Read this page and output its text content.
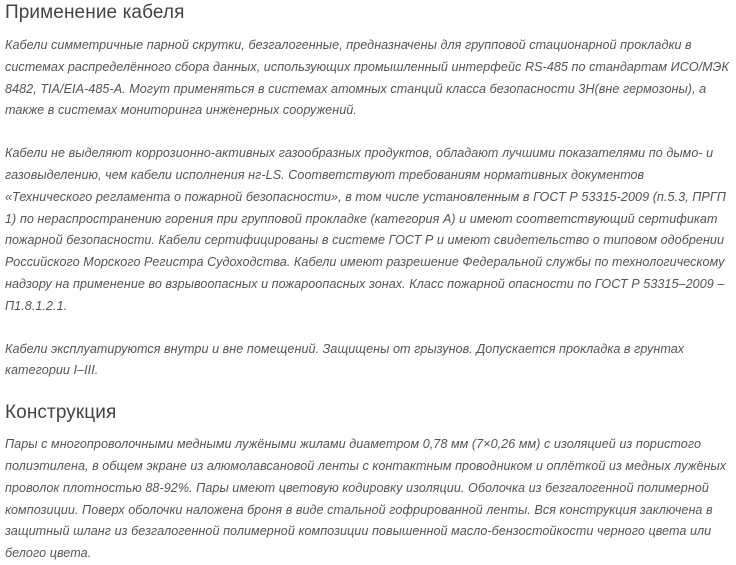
Применение кабеля

Кабели симметричные парной скрутки, безгалогенные, предназначены для групповой стационарной прокладки в системах распределённого сбора данных, использующих промышленный интерфейс RS-485 по стандартам ИСО/МЭК 8482, TIA/EIA-485-A. Могут применяться в системах атомных станций класса безопасности 3Н(вне гермозоны), а также в системах мониторинга инженерных сооружений.

Кабели не выделяют коррозионно-активных газообразных продуктов, обладают лучшими показателями по дымо- и газовыделению, чем кабели исполнения нг-LS. Соответствуют требованиям нормативных документов «Технического регламента о пожарной безопасности», в том числе установленным в ГОСТ Р 53315-2009 (п.5.3, ПРГП 1) по нераспространению горения при групповой прокладке (категория А) и имеют соответствующий сертификат пожарной безопасности. Кабели сертифицированы в системе ГОСТ Р и имеют свидетельство о типовом одобрении Российского Морского Регистра Судоходства. Кабели имеют разрешение Федеральной службы по технологическому надзору на применение во взрывоопасных и пожароопасных зонах. Класс пожарной опасности по ГОСТ Р 53315–2009 – П1.8.1.2.1.

Кабели эксплуатируются внутри и вне помещений. Защищены от грызунов. Допускается прокладка в грунтах категории I–III.

Конструкция

Пары с многопроволочными медными лужёными жилами диаметром 0,78 мм (7×0,26 мм) с изоляцией из пористого полиэтилена, в общем экране из алюмолавсановой ленты с контактным проводником и оплёткой из медных лужёных проволок плотностью 88-92%. Пары имеют цветовую кодировку изоляции. Оболочка из безгалогенной полимерной композиции. Поверх оболочки наложена броня в виде стальной гофрированной ленты. Вся конструкция заключена в защитный шланг из безгалогенной полимерной композиции повышенной масло-бензостойкости черного цвета или белого цвета.
